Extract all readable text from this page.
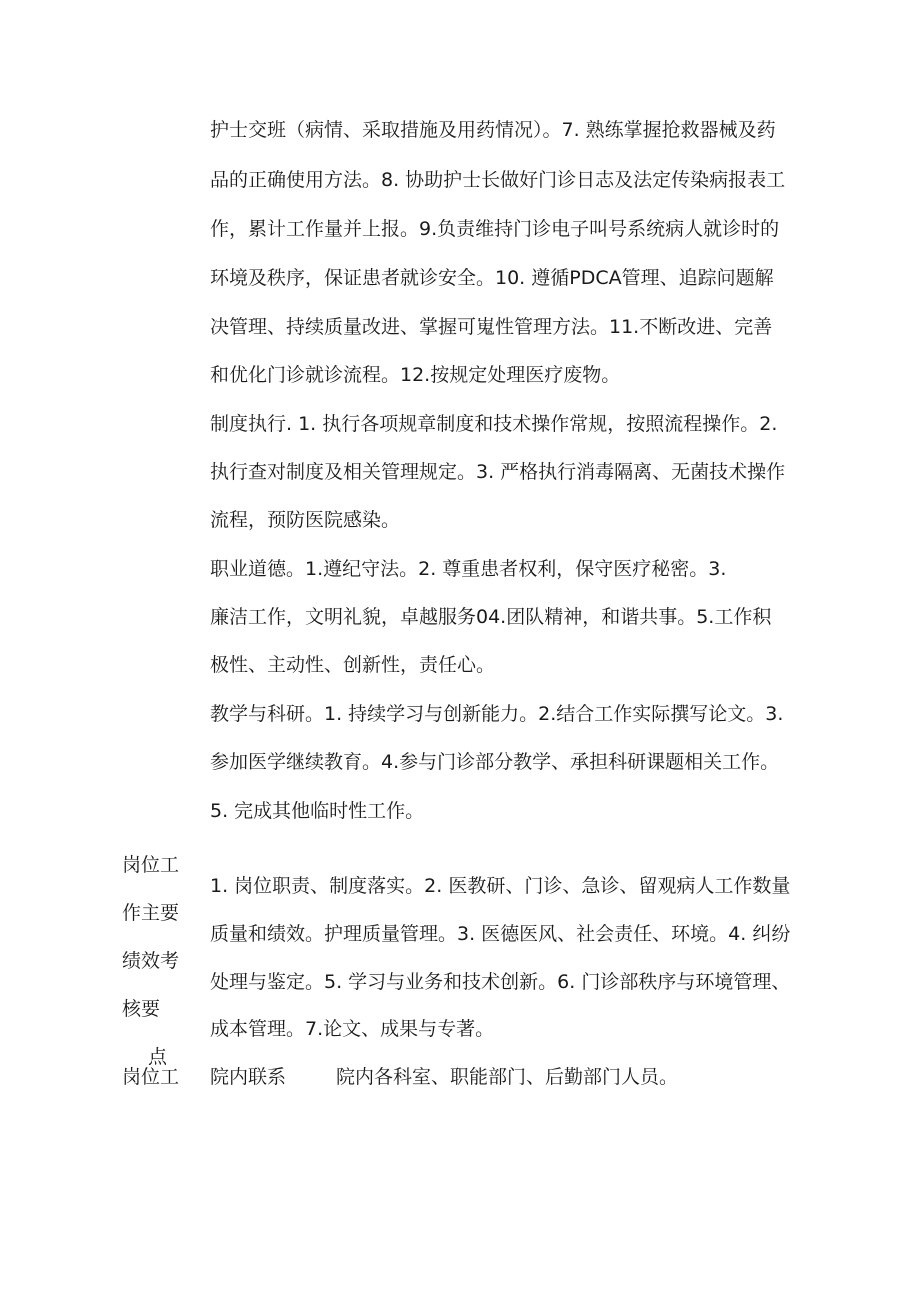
护士交班（病情、采取措施及用药情况）。7. 熟练掌握抢救器械及药
品的正确使用方法。8. 协助护士长做好门诊日志及法定传染病报表工
作，累计工作量并上报。9.负责维持门诊电子叫号系统病人就诊时的
环境及秩序，保证患者就诊安全。10. 遵循PDCA管理、追踪问题解
决管理、持续质量改进、掌握可嵬性管理方法。11.不断改进、完善
和优化门诊就诊流程。12.按规定处理医疗废物。
制度执行. 1. 执行各项规章制度和技术操作常规，按照流程操作。2.
执行查对制度及相关管理规定。3. 严格执行消毒隔离、无菌技术操作
流程，预防医院感染。
职业道德。1.遵纪守法。2. 尊重患者权利，保守医疗秘密。3.
廉洁工作，文明礼貌，卓越服务04.团队精神，和谐共事。5.工作积
极性、主动性、创新性，责任心。
教学与科研。1. 持续学习与创新能力。2.结合工作实际撰写论文。3.
参加医学继续教育。4.参与门诊部分教学、承担科研课题相关工作。
5. 完成其他临时性工作。
岗位工
作主要
绩效考
核要
点
1. 岗位职责、制度落实。2. 医教研、门诊、急诊、留观病人工作数量
质量和绩效。护理质量管理。3. 医德医风、社会责任、环境。4. 纠纷
处理与鉴定。5. 学习与业务和技术创新。6. 门诊部秩序与环境管理、
成本管理。7.论文、成果与专著。
岗位工 院内联系	院内各科室、职能部门、后勤部门人员。
